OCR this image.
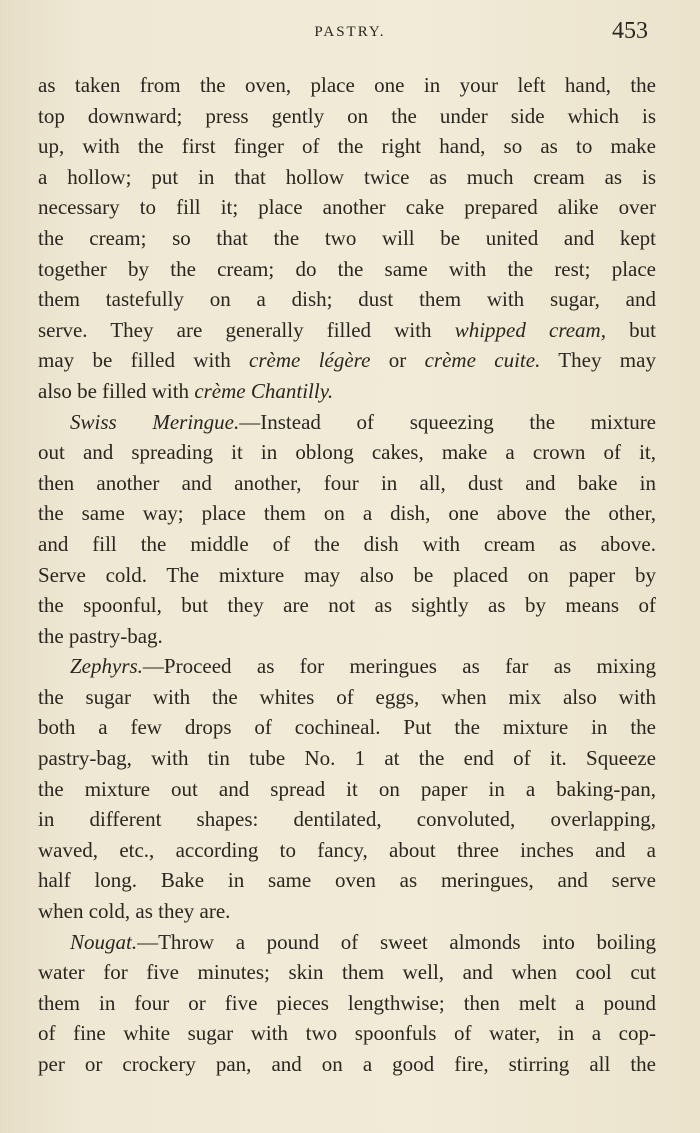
PASTRY.	453
as taken from the oven, place one in your left hand, the
top downward; press gently on the under side which is
up, with the first finger of the right hand, so as to make
a hollow; put in that hollow twice as much cream as is
necessary to fill it; place another cake prepared alike over
the cream; so that the two will be united and kept
together by the cream; do the same with the rest; place
them tastefully on a dish; dust them with sugar, and
serve. They are generally filled with whipped cream, but
may be filled with crème légère or crème cuite. They may
also be filled with crème Chantilly.
Swiss Meringue.—Instead of squeezing the mixture
out and spreading it in oblong cakes, make a crown of it,
then another and another, four in all, dust and bake in
the same way; place them on a dish, one above the other,
and fill the middle of the dish with cream as above.
Serve cold. The mixture may also be placed on paper by
the spoonful, but they are not as sightly as by means of
the pastry-bag.
Zephyrs.—Proceed as for meringues as far as mixing
the sugar with the whites of eggs, when mix also with
both a few drops of cochineal. Put the mixture in the
pastry-bag, with tin tube No. 1 at the end of it. Squeeze
the mixture out and spread it on paper in a baking-pan,
in different shapes: dentilated, convoluted, overlapping,
waved, etc., according to fancy, about three inches and a
half long. Bake in same oven as meringues, and serve
when cold, as they are.
Nougat.—Throw a pound of sweet almonds into boiling
water for five minutes; skin them well, and when cool cut
them in four or five pieces lengthwise; then melt a pound
of fine white sugar with two spoonfuls of water, in a cop-
per or crockery pan, and on a good fire, stirring all the
